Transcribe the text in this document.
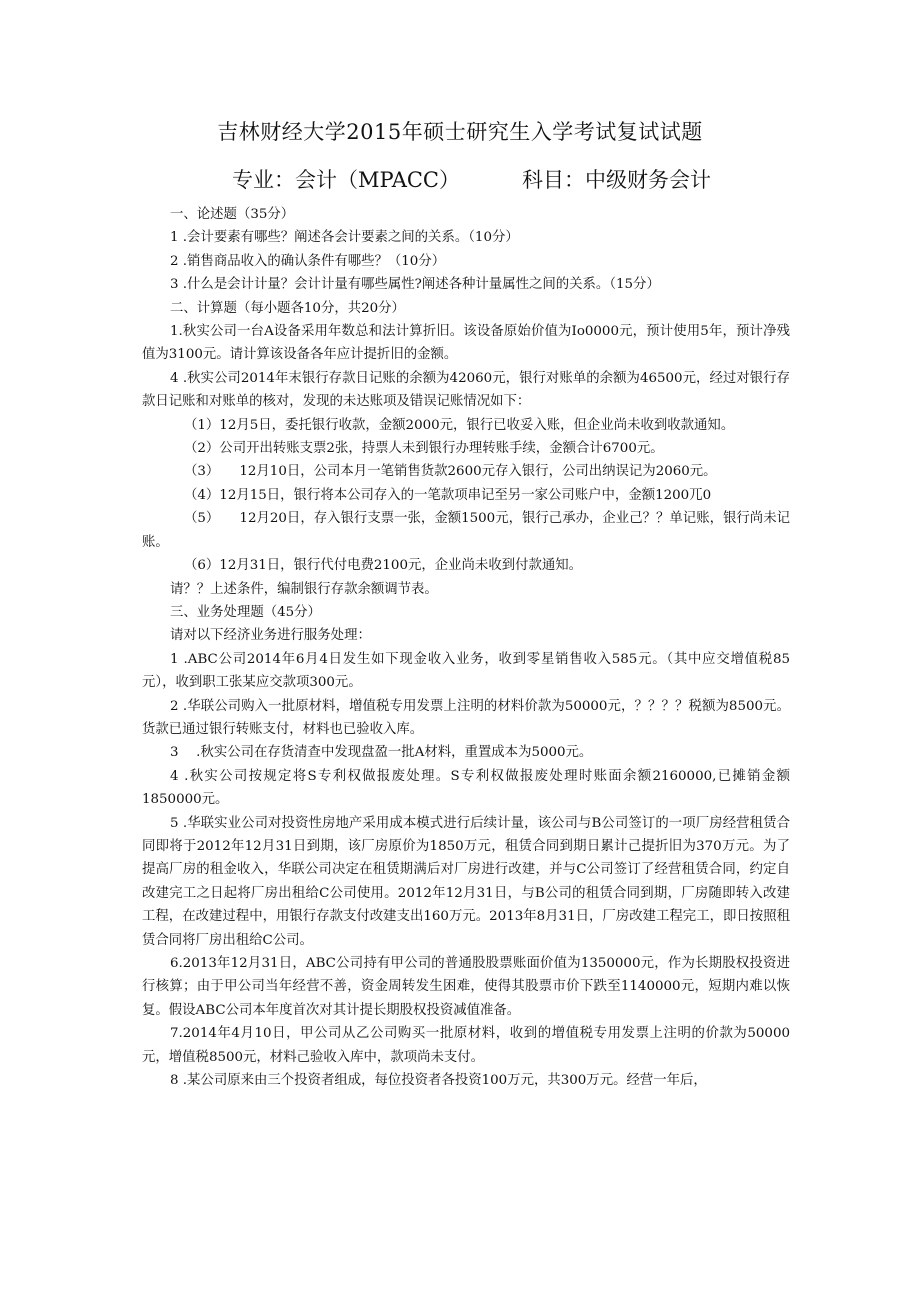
吉林财经大学2015年硕士研究生入学考试复试试题
专业：会计（MPACC）	科目：中级财务会计

一、论述题（35分）

1 .会计要素有哪些？阐述各会计要素之间的关系。（10分）

2 .销售商品收入的确认条件有哪些？（10分）

3 .什么是会计计量？会计计量有哪些属性?阐述各种计量属性之间的关系。（15分）

二、计算题（每小题各10分，共20分）

1.秋实公司一台A设备采用年数总和法计算折旧。该设备原始价值为Io0000元，预计使用5年，预计净残值为3100元。请计算该设备各年应计提折旧的金额。

4 .秋实公司2014年末银行存款日记账的余额为42060元，银行对账单的余额为46500元，经过对银行存款日记账和对账单的核对，发现的未达账项及错误记账情况如下：

（1）12月5日，委托银行收款，金额2000元，银行已收妥入账，但企业尚未收到收款通知。

（2）公司开出转账支票2张，持票人未到银行办理转账手续，金额合计6700元。

（3）　　12月10日，公司本月一笔销售货款2600元存入银行，公司出纳误记为2060元。

（4）12月15日，银行将本公司存入的一笔款项串记至另一家公司账户中，金额1200兀0

（5）　　12月20日，存入银行支票一张，金额1500元，银行己承办，企业己？？单记账，银行尚未记账。

（6）12月31日，银行代付电费2100元，企业尚未收到付款通知。

请？？上述条件，编制银行存款余额调节表。

三、业务处理题（45分）

请对以下经济业务进行服务处理：

1 .ABC公司2014年6月4日发生如下现金收入业务，收到零星销售收入585元。（其中应交增值税85元），收到职工张某应交款项300元。

2 .华联公司购入一批原材料，增值税专用发票上注明的材料价款为50000元，？？？？税额为8500元。货款已通过银行转账支付，材料也已验收入库。

3　 .秋实公司在存货清查中发现盘盈一批A材料，重置成本为5000元。

4 .秋实公司按规定将S专利权做报废处理。S专利权做报废处理时账面余额2160000,已摊销金额1850000元。

5 .华联实业公司对投资性房地产采用成本模式进行后续计量，该公司与B公司签订的一项厂房经营租赁合同即将于2012年12月31日到期，该厂房原价为1850万元，租赁合同到期日累计己提折旧为370万元。为了提高厂房的租金收入，华联公司决定在租赁期满后对厂房进行改建，并与C公司签订了经营租赁合同，约定自改建完工之日起将厂房出租给C公司使用。2012年12月31日，与B公司的租赁合同到期，厂房随即转入改建工程，在改建过程中，用银行存款支付改建支出160万元。2013年8月31日，厂房改建工程完工，即日按照租赁合同将厂房出租给C公司。

6.2013年12月31日，ABC公司持有甲公司的普通股股票账面价值为1350000元，作为长期股权投资进行核算；由于甲公司当年经营不善，资金周转发生困难，使得其股票市价下跌至1140000元，短期内难以恢复。假设ABC公司本年度首次对其计提长期股权投资减值准备。

7.2014年4月10日，甲公司从乙公司购买一批原材料，收到的增值税专用发票上注明的价款为50000元，增值税8500元，材料己验收入库中，款项尚未支付。

8 .某公司原来由三个投资者组成，每位投资者各投资100万元，共300万元。经营一年后，
